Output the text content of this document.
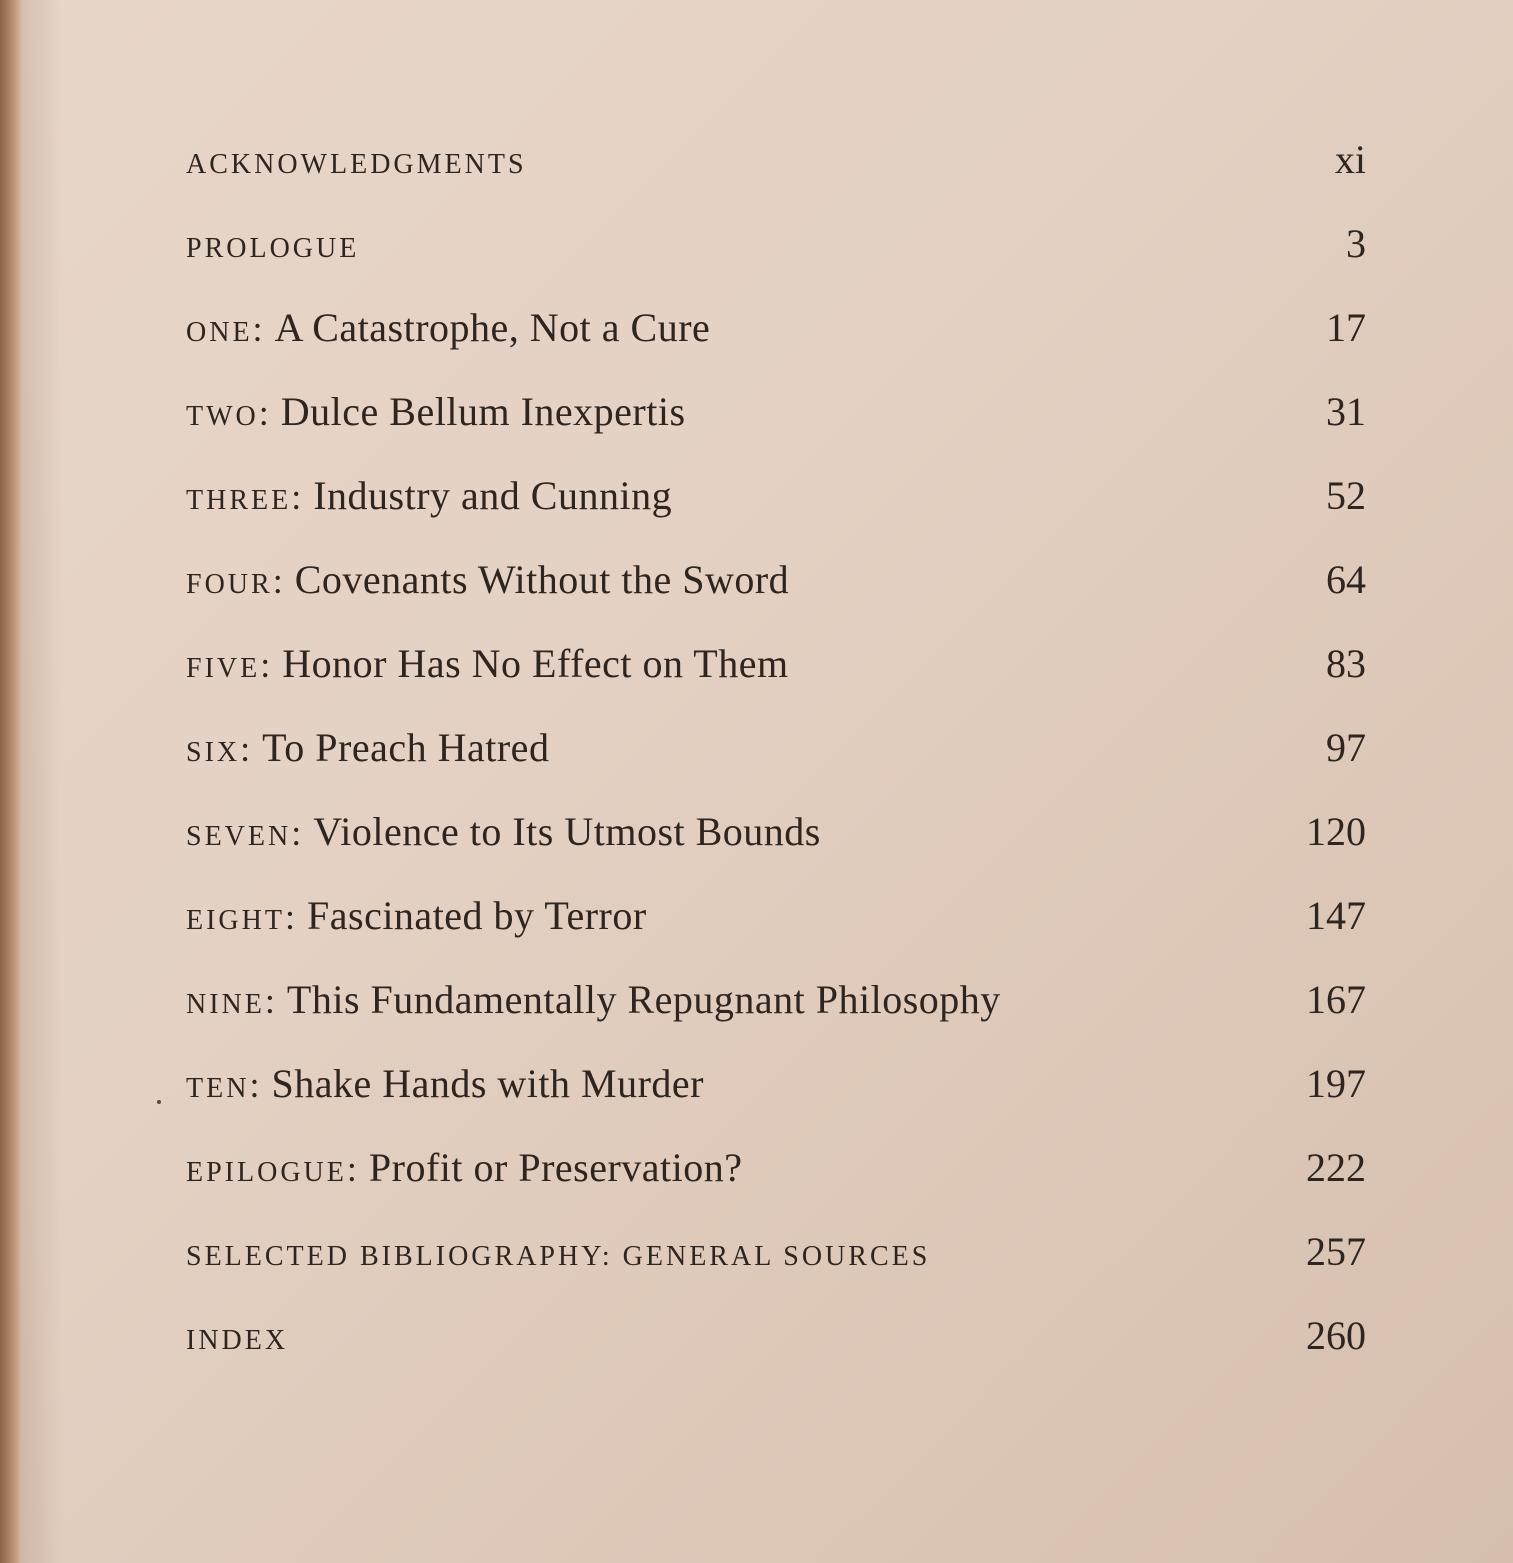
ACKNOWLEDGMENTS	xi
PROLOGUE	3
ONE: A Catastrophe, Not a Cure	17
TWO: Dulce Bellum Inexpertis	31
THREE: Industry and Cunning	52
FOUR: Covenants Without the Sword	64
FIVE: Honor Has No Effect on Them	83
SIX: To Preach Hatred	97
SEVEN: Violence to Its Utmost Bounds	120
EIGHT: Fascinated by Terror	147
NINE: This Fundamentally Repugnant Philosophy	167
TEN: Shake Hands with Murder	197
EPILOGUE: Profit or Preservation?	222
SELECTED BIBLIOGRAPHY: GENERAL SOURCES	257
INDEX	260
